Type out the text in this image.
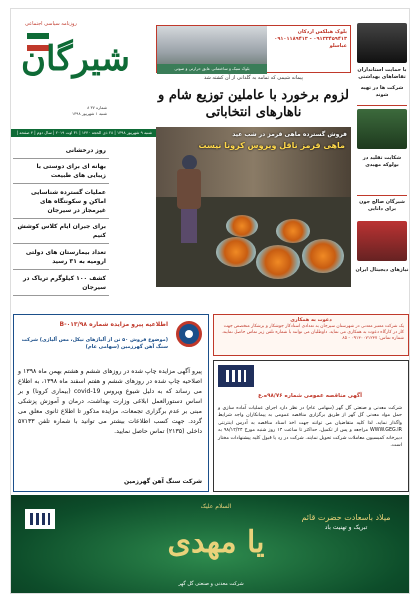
روزنامه سیاسی اجتماعی
شیرگان
شماره ۳۷ ۸
شنبه ۱ شهریور ۱۳۹۸
شنبه ۹ شهریور ۱۳۹۸ | ۲۸ ذی الحجه ۱۴۴۰ | ۳۱ اوت ۲۰۱۹ | سال دوم | ۴ صفحه | ۵۰۰ تومان
روز درخشانی
بهانه ای برای دوستی با زیبایی های طبیعت
عملیات گسترده شناسایی اماکن و سکونتگاه های غیرمجاز در سیرجان
برای جبران ایام کلاس کوشش کنیم
تعداد بیمارستان های دولتی ارومیه به ۳۱ رسید
کشف ۱۰۰ کیلوگرم تریاک در سیرجان
بلوک هبلکس اردکان
۰۹۱۳۳۴۵۹۴۱۳ - ۰۹۱۰۱۱۸۹۴۱۳
عباسلو
بلوک سبک و ساختمانی عایق حرارتی و صوتی
پیمانه شیمی که تمامه به گلدانی از آن کشته شد
لزوم برخورد با عاملین توزیع شام و ناهارهای انتخاباتی
فروش گسترده ماهی قرمز در شب عید
ماهی قرمز ناقل ویروس کرونا نیست
با حمایت استانداران تقاضاهای بهداشتی
شرکت ها در تهیه شوند
شکایت تقلید در بولوکه مهیدی
شیرگان صالح جون برای دانایی
نیازهای دیجیتال ایران
اطلاعیه پیرو مزایده شماره ۹۸/B-۰۱۳
(موضوع فروش ۵۰ تن از آلیاژهای نیکل، مس آلیاژی) شرکت سنگ آهن گهرزمین (سهامی عام)
پیرو آگهی مزایده چاپ شده در روزهای ششم و هشتم بهمن ماه ۱۳۹۸ و اصلاحیه چاپ شده در روزهای ششم و هفتم اسفند ماه ۱۳۹۸، به اطلاع می رساند که به دلیل شیوع ویروس covid-19 (بیماری کرونا) و بر اساس دستورالعمل ابلاغی وزارت بهداشت، درمان و آموزش پزشکی مبنی بر عدم برگزاری تجمعات، مزایده مذکور تا اطلاع ثانوی معلق می گردد. جهت کسب اطلاعات بیشتر می توانید با شماره تلفن ۵۷۱۳۳ داخلی (۲۱۳۵) تماس حاصل نمایید.
شرکت سنگ آهن گهرزمین
دعوت به همکاری
یک شرکت معتبر معدنی در شهرستان سیرجان به تعدادی استادکار جوشکار و برشکار متخصص جهت کار در کارگاه دعوت به همکاری می نماید. داوطلبان می توانند با شماره تلفن زیر تماس حاصل نمایند. شماره تماس: ۰۹۱۳۰۰۷۱۲۳۷ - ۸۵
آگهی مناقصه عمومی شماره ۹۸/۷۶ه.ع
شرکت معدنی و صنعتی گل گهر (سهامی عام) در نظر دارد اجرای عملیات آماده سازی و حمل مواد معدنی گل گهر از طریق برگزاری مناقصه عمومی به پیمانکاران واجد شرایط واگذار نماید. لذا کلیه متقاضیان می توانند جهت اخذ اسناد مناقصه به آدرس اینترنتی WWW.GEG.IR مراجعه و پس از تکمیل، حداکثر تا ساعت ۱۴ روز شنبه مورخ ۹۸/۱۲/۲۴ به دبیرخانه کمیسیون معاملات شرکت تحویل نمایند. شرکت در رد یا قبول کلیه پیشنهادات مختار است.
السلام علیک
یا مهدی
میلاد باسعادت حضرت قائم
تبریک و تهنیت باد
شرکت معدنی و صنعتی گل گهر
